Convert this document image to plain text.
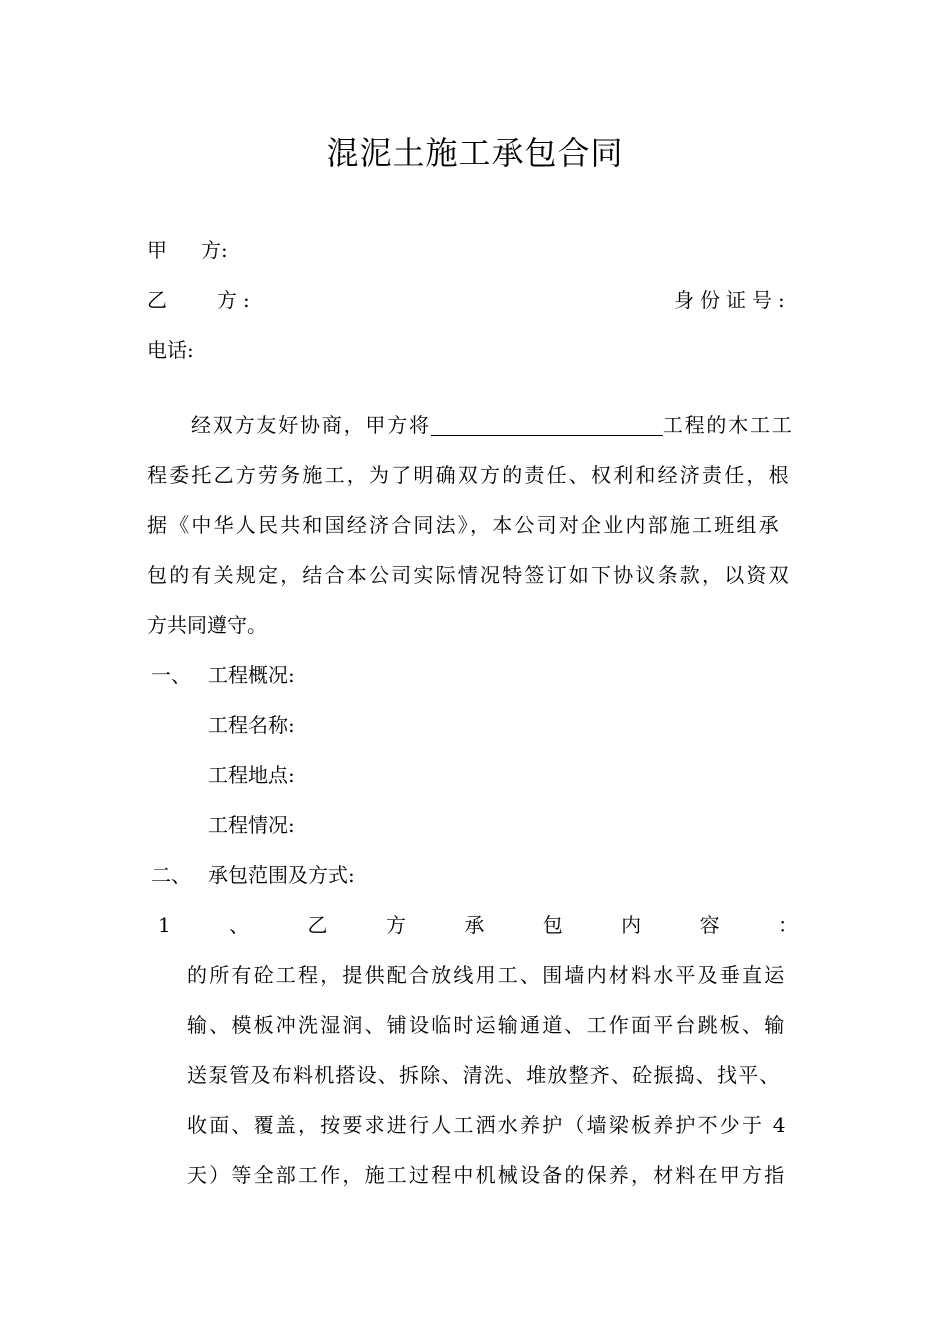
混泥土施工承包合同
甲 方:
乙	方:	身份证号:
电话:
经双方友好协商，甲方将	工程的木工工
程委托乙方劳务施工，为了明确双方的责任、权利和经济责任，根
据《中华人民共和国经济合同法》，本公司对企业内部施工班组承
包的有关规定，结合本公司实际情况特签订如下协议条款，以资双
方共同遵守。
一、 工程概况:
工程名称:
工程地点:
工程情况:
二、 承包范围及方式:
1	、	乙	方	承	包	内	容	：
的所有砼工程，提供配合放线用工、围墙内材料水平及垂直运
输、模板冲洗湿润、铺设临时运输通道、工作面平台跳板、输
送泵管及布料机搭设、拆除、清洗、堆放整齐、砼振捣、找平、
收面、覆盖，按要求进行人工洒水养护（墙梁板养护不少于 4
天）等全部工作，施工过程中机械设备的保养，材料在甲方指
